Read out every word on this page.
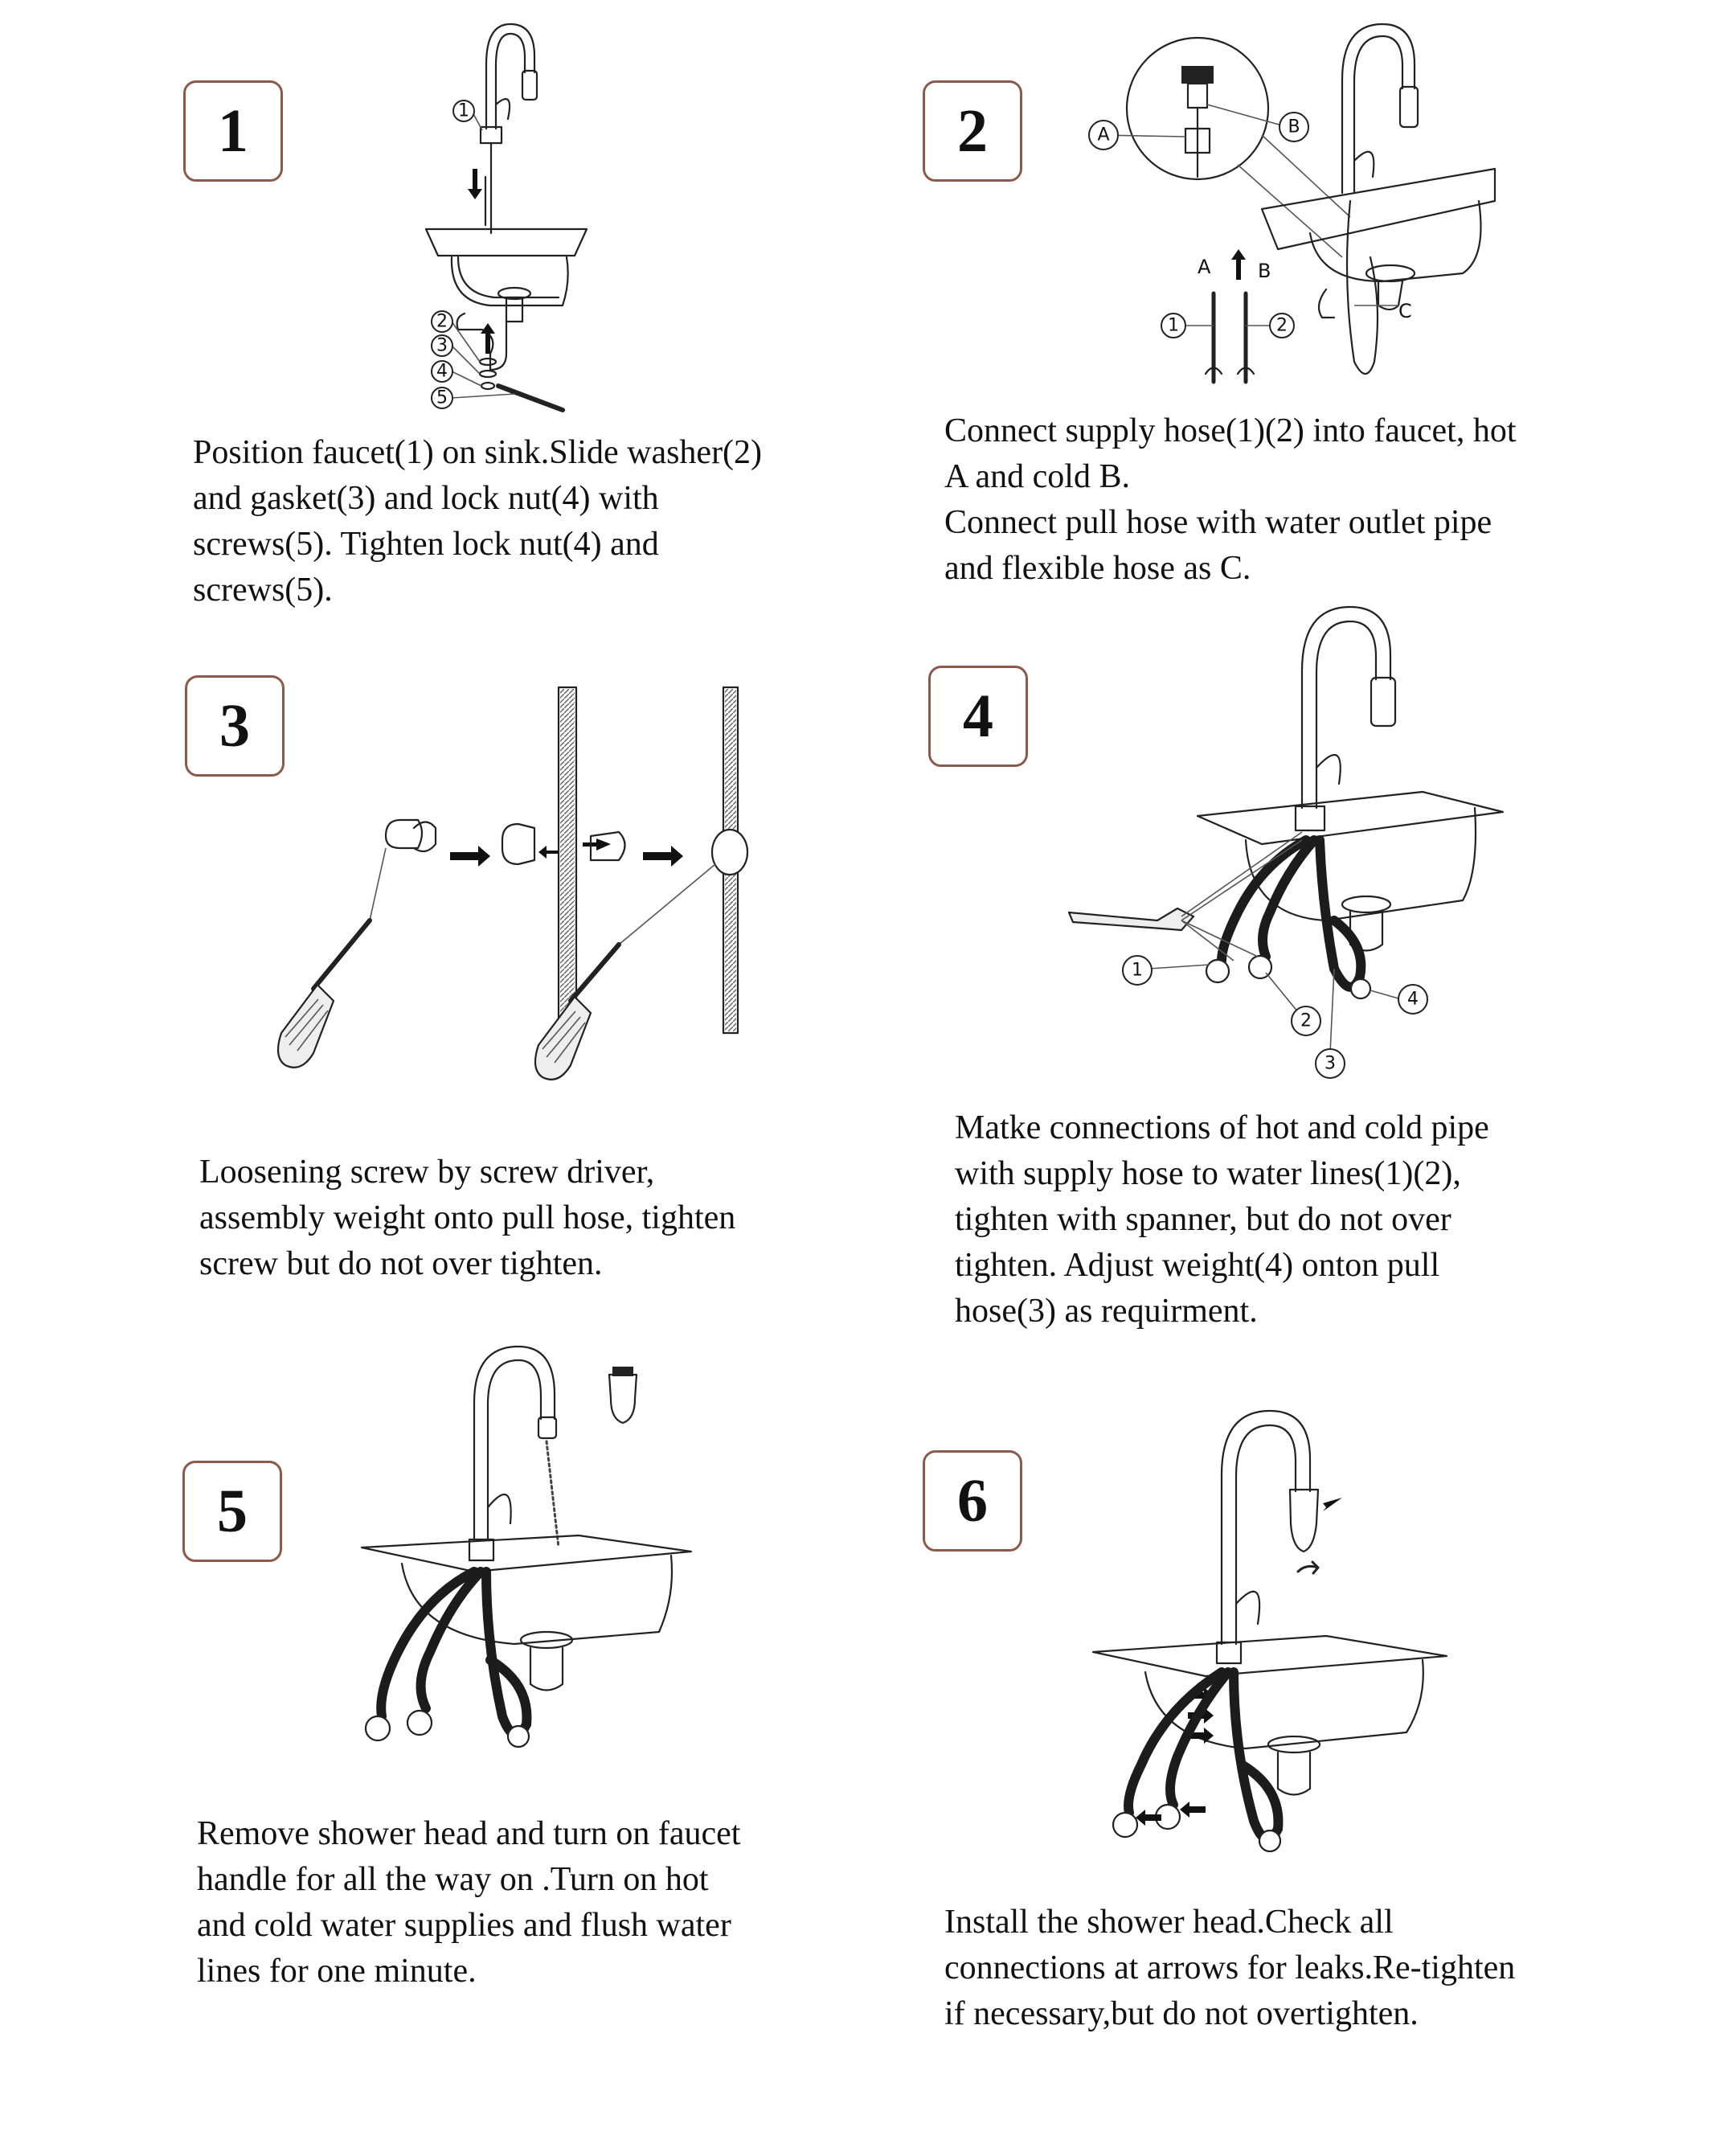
1	1
2
3
4
5

Position faucet(1) on sink.Slide washer(2)
and gasket(3) and lock nut(4) with
screws(5). Tighten lock nut(4) and
screws(5).

2	A	B
A B
C
1	2

Connect supply hose(1)(2) into faucet, hot
A and cold B.
Connect pull hose with water outlet pipe
and flexible hose as C.

3

Loosening screw by screw driver,
assembly weight onto pull hose, tighten
screw but do not over tighten.

4
1
2
3
4

Matke connections of hot and cold pipe
with supply hose to water lines(1)(2),
tighten with spanner, but do not over
tighten. Adjust weight(4) onton pull
hose(3) as requirment.

5

Remove shower head and turn on faucet
handle for all the way on .Turn on hot
and cold water supplies and flush water
lines for one minute.

6

Install the shower head.Check all
connections at arrows for leaks.Re-tighten
if necessary,but do not overtighten.
